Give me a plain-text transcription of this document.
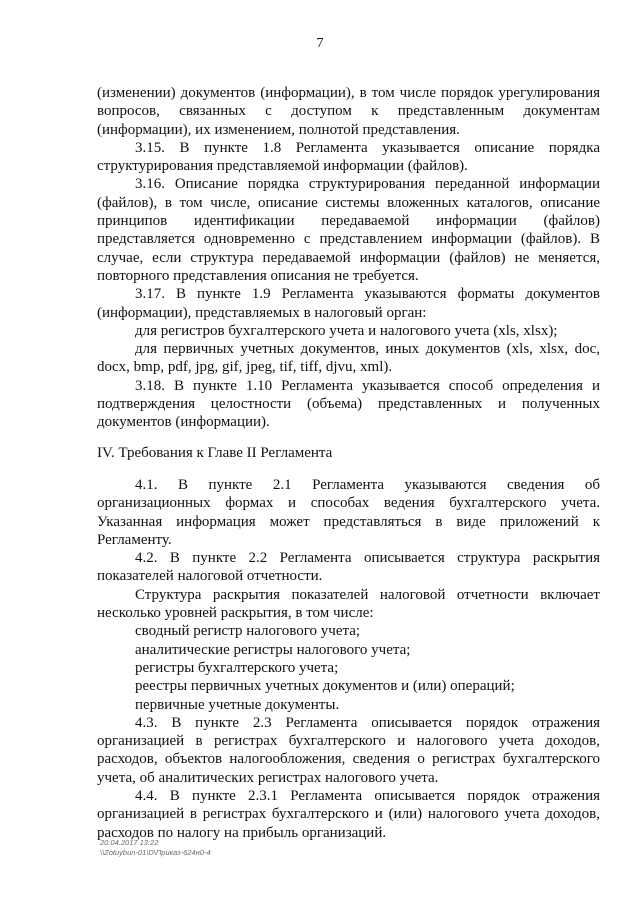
7

(изменении) документов (информации), в том числе порядок урегулирования вопросов, связанных с доступом к представленным документам (информации), их изменением, полнотой представления.

3.15. В пункте 1.8 Регламента указывается описание порядка структурирования представляемой информации (файлов).

3.16. Описание порядка структурирования переданной информации (файлов), в том числе, описание системы вложенных каталогов, описание принципов идентификации передаваемой информации (файлов) представляется одновременно с представлением информации (файлов). В случае, если структура передаваемой информации (файлов) не меняется, повторного представления описания не требуется.

3.17. В пункте 1.9 Регламента указываются форматы документов (информации), представляемых в налоговый орган:

для регистров бухгалтерского учета и налогового учета (xls, xlsx);

для первичных учетных документов, иных документов (xls, xlsx, doc, docx, bmp, pdf, jpg, gif, jpeg, tif, tiff, djvu, xml).

3.18. В пункте 1.10 Регламента указывается способ определения и подтверждения целостности (объема) представленных и полученных документов (информации).

IV. Требования к Главе II Регламента

4.1. В пункте 2.1 Регламента указываются сведения об организационных формах и способах ведения бухгалтерского учета. Указанная информация может представляться в виде приложений к Регламенту.

4.2. В пункте 2.2 Регламента описывается структура раскрытия показателей налоговой отчетности.

Структура раскрытия показателей налоговой отчетности включает несколько уровней раскрытия, в том числе:

сводный регистр налогового учета;

аналитические регистры налогового учета;

регистры бухгалтерского учета;

реестры первичных учетных документов и (или) операций;

первичные учетные документы.

4.3. В пункте 2.3 Регламента описывается порядок отражения организацией в регистрах бухгалтерского и налогового учета доходов, расходов, объектов налогообложения, сведения о регистрах бухгалтерского учета, об аналитических регистрах налогового учета.

4.4. В пункте 2.3.1 Регламента описывается порядок отражения организацией в регистрах бухгалтерского и (или) налогового учета доходов, расходов по налогу на прибыль организаций.

20.04.2017 13:22
\\Zotuybun-01\D\Приказ-624н0-4
